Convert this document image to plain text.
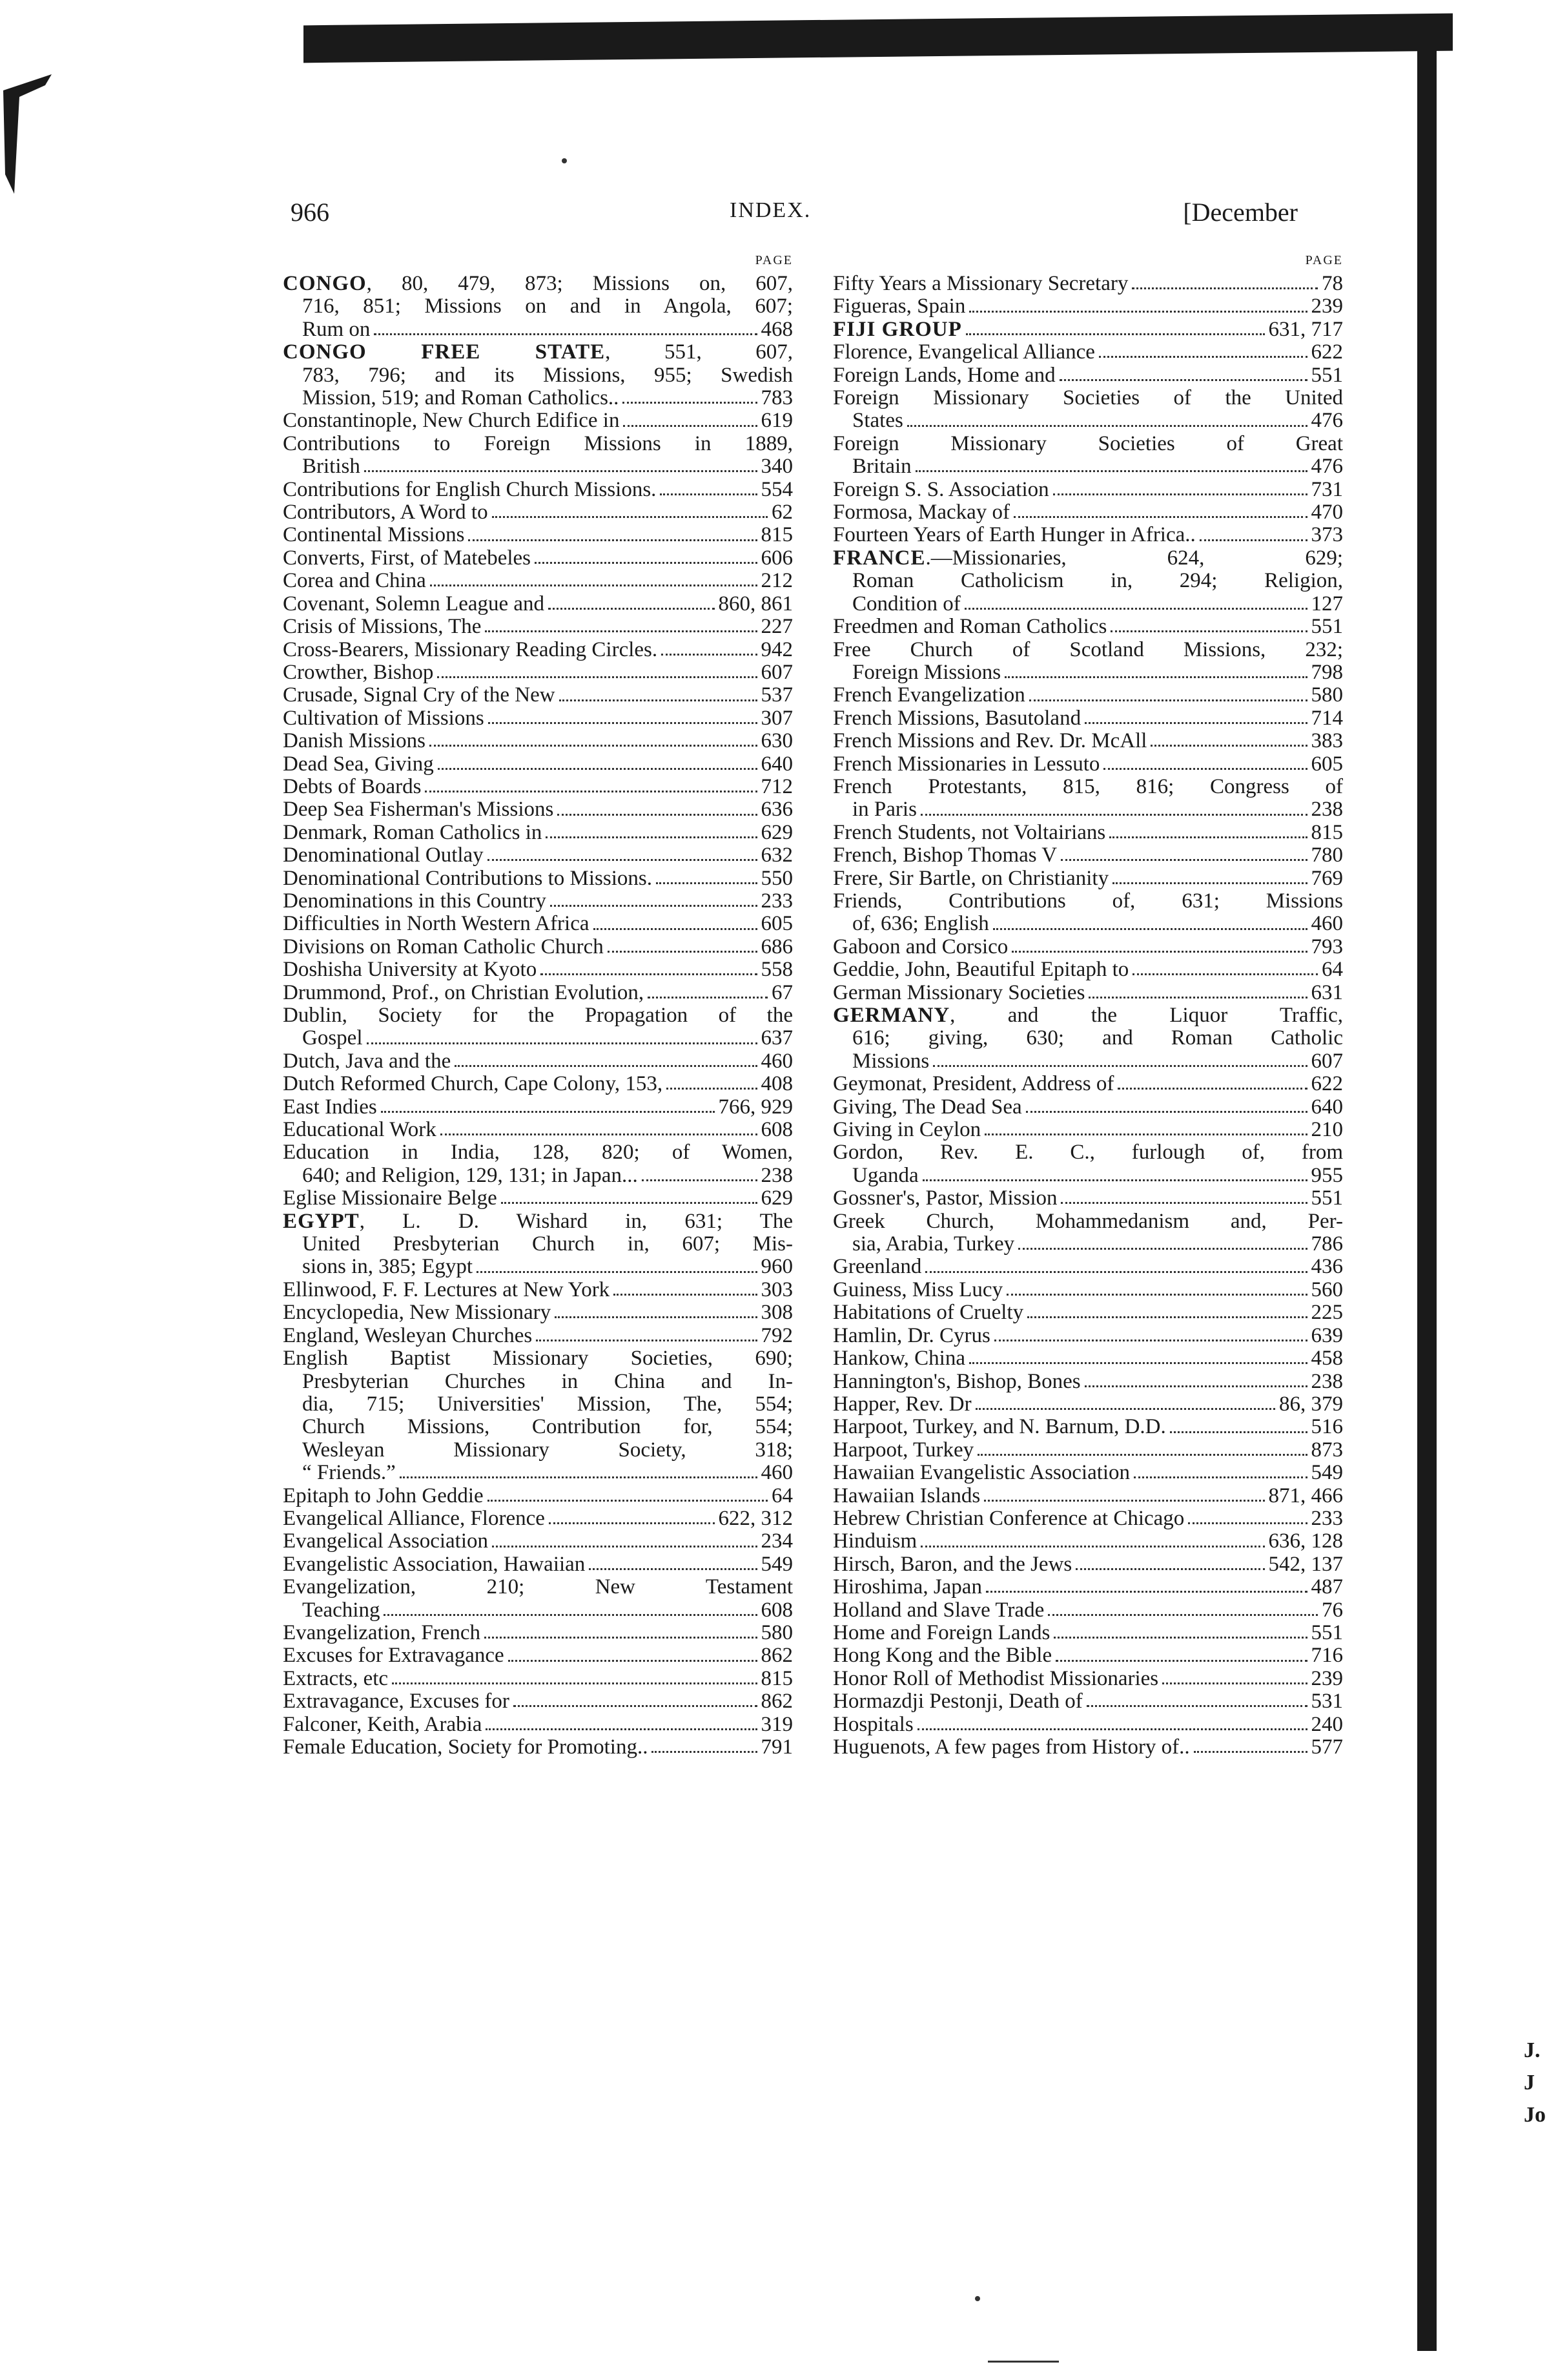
966	INDEX.	[December
PAGE
CONGO, 80, 479, 873; Missions on, 607,
716, 851; Missions on and in Angola, 607;
Rum on	468
CONGO FREE STATE, 551, 607,
783, 796; and its Missions, 955; Swedish
Mission, 519; and Roman Catholics..	783
Constantinople, New Church Edifice in	619
Contributions to Foreign Missions in 1889,
British	340
Contributions for English Church Missions.	554
Contributors, A Word to	62
Continental Missions	815
Converts, First, of Matebeles	606
Corea and China	212
Covenant, Solemn League and	860, 861
Crisis of Missions, The	227
Cross-Bearers, Missionary Reading Circles.	942
Crowther, Bishop	607
Crusade, Signal Cry of the New	537
Cultivation of Missions	307
Danish Missions	630
Dead Sea, Giving	640
Debts of Boards	712
Deep Sea Fisherman's Missions	636
Denmark, Roman Catholics in	629
Denominational Outlay	632
Denominational Contributions to Missions.	550
Denominations in this Country	233
Difficulties in North Western Africa	605
Divisions on Roman Catholic Church	686
Doshisha University at Kyoto	558
Drummond, Prof., on Christian Evolution,	67
Dublin, Society for the Propagation of the
Gospel	637
Dutch, Java and the	460
Dutch Reformed Church, Cape Colony, 153,	408
East Indies	766, 929
Educational Work	608
Education in India, 128, 820; of Women,
640; and Religion, 129, 131; in Japan...	238
Eglise Missionaire Belge	629
EGYPT, L. D. Wishard in, 631; The
United Presbyterian Church in, 607; Mis-
sions in, 385; Egypt	960
Ellinwood, F. F. Lectures at New York	303
Encyclopedia, New Missionary	308
England, Wesleyan Churches	792
English Baptist Missionary Societies, 690;
Presbyterian Churches in China and In-
dia, 715; Universities' Mission, The, 554;
Church Missions, Contribution for, 554;
Wesleyan Missionary Society, 318;
“ Friends.”	460
Epitaph to John Geddie	64
Evangelical Alliance, Florence	622, 312
Evangelical Association	234
Evangelistic Association, Hawaiian	549
Evangelization, 210; New Testament
Teaching	608
Evangelization, French	580
Excuses for Extravagance	862
Extracts, etc	815
Extravagance, Excuses for	862
Falconer, Keith, Arabia	319
Female Education, Society for Promoting..	791
PAGE
Fifty Years a Missionary Secretary	78
Figueras, Spain	239
FIJI GROUP	631, 717
Florence, Evangelical Alliance	622
Foreign Lands, Home and	551
Foreign Missionary Societies of the United
States	476
Foreign Missionary Societies of Great
Britain	476
Foreign S. S. Association	731
Formosa, Mackay of	470
Fourteen Years of Earth Hunger in Africa..	373
FRANCE.—Missionaries, 624, 629;
Roman Catholicism in, 294; Religion,
Condition of	127
Freedmen and Roman Catholics	551
Free Church of Scotland Missions, 232;
Foreign Missions	798
French Evangelization	580
French Missions, Basutoland	714
French Missions and Rev. Dr. McAll	383
French Missionaries in Lessuto	605
French Protestants, 815, 816; Congress of
in Paris	238
French Students, not Voltairians	815
French, Bishop Thomas V	780
Frere, Sir Bartle, on Christianity	769
Friends, Contributions of, 631; Missions
of, 636; English	460
Gaboon and Corsico	793
Geddie, John, Beautiful Epitaph to	64
German Missionary Societies	631
GERMANY, and the Liquor Traffic,
616; giving, 630; and Roman Catholic
Missions	607
Geymonat, President, Address of	622
Giving, The Dead Sea	640
Giving in Ceylon	210
Gordon, Rev. E. C., furlough of, from
Uganda	955
Gossner's, Pastor, Mission	551
Greek Church, Mohammedanism and, Per-
sia, Arabia, Turkey	786
Greenland	436
Guiness, Miss Lucy	560
Habitations of Cruelty	225
Hamlin, Dr. Cyrus	639
Hankow, China	458
Hannington's, Bishop, Bones	238
Happer, Rev. Dr	86, 379
Harpoot, Turkey, and N. Barnum, D.D.	516
Harpoot, Turkey	873
Hawaiian Evangelistic Association	549
Hawaiian Islands	871, 466
Hebrew Christian Conference at Chicago	233
Hinduism	636, 128
Hirsch, Baron, and the Jews	542, 137
Hiroshima, Japan	487
Holland and Slave Trade	76
Home and Foreign Lands	551
Hong Kong and the Bible	716
Honor Roll of Methodist Missionaries	239
Hormazdji Pestonji, Death of	531
Hospitals	240
Huguenots, A few pages from History of..	577
J.
J
Jo
